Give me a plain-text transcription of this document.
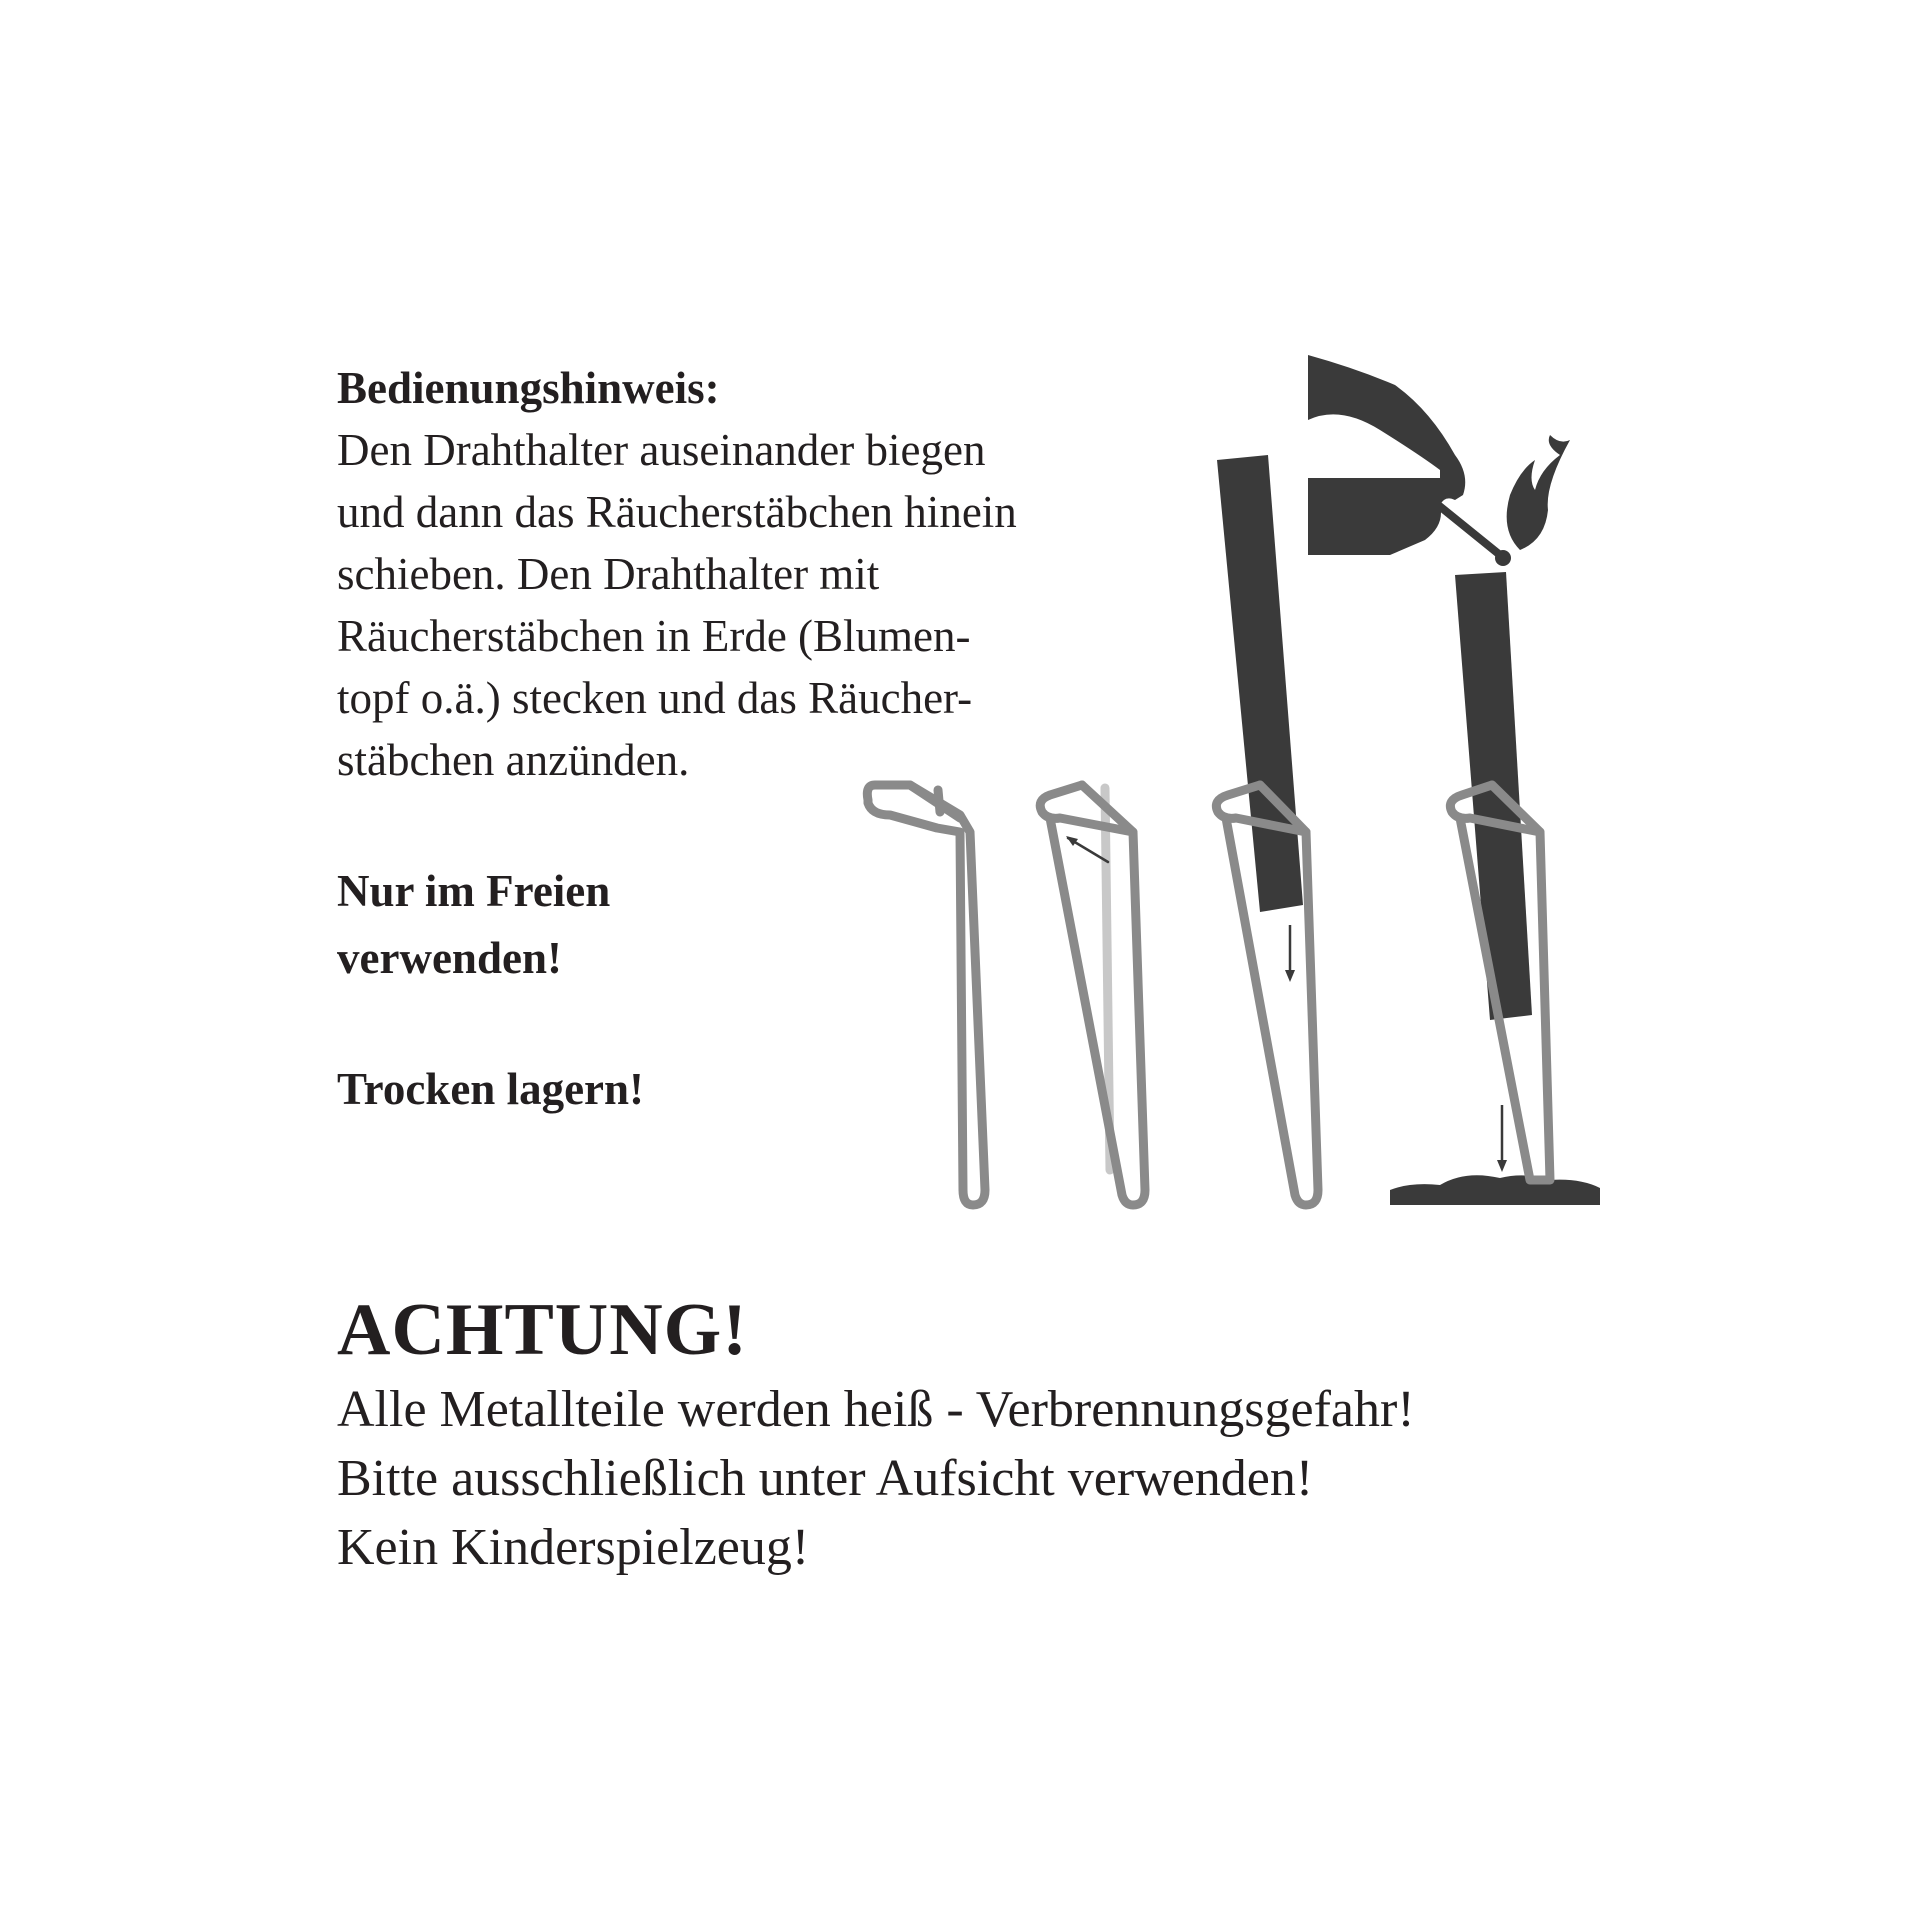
Bedienungshinweis:
Den Drahthalter auseinander biegen
und dann das Räucherstäbchen hinein
schieben. Den Drahthalter mit
Räucherstäbchen in Erde (Blumen-
topf o.ä.) stecken und das Räucher-
stäbchen anzünden.
Nur im Freien
verwenden!
Trocken lagern!
ACHTUNG!
Alle Metallteile werden heiß - Verbrennungsgefahr!
Bitte ausschließlich unter Aufsicht verwenden!
Kein Kinderspielzeug!
